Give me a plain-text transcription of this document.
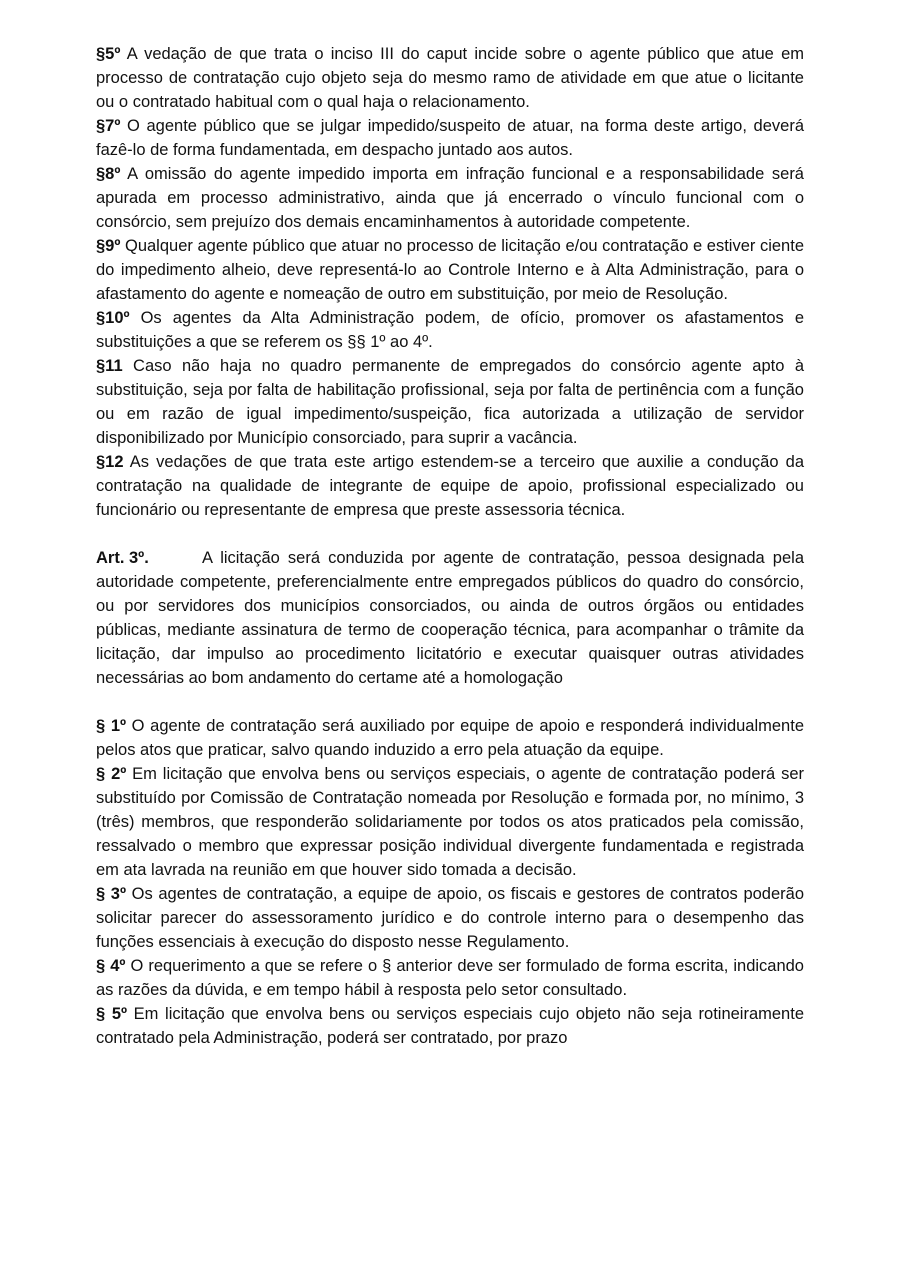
§5º A vedação de que trata o inciso III do caput incide sobre o agente público que atue em processo de contratação cujo objeto seja do mesmo ramo de atividade em que atue o licitante ou o contratado habitual com o qual haja o relacionamento.

§7º O agente público que se julgar impedido/suspeito de atuar, na forma deste artigo, deverá fazê-lo de forma fundamentada, em despacho juntado aos autos.

§8º A omissão do agente impedido importa em infração funcional e a responsabilidade será apurada em processo administrativo, ainda que já encerrado o vínculo funcional com o consórcio, sem prejuízo dos demais encaminhamentos à autoridade competente.

§9º Qualquer agente público que atuar no processo de licitação e/ou contratação e estiver ciente do impedimento alheio, deve representá-lo ao Controle Interno e à Alta Administração, para o afastamento do agente e nomeação de outro em substituição, por meio de Resolução.

§10º Os agentes da Alta Administração podem, de ofício, promover os afastamentos e substituições a que se referem os §§ 1º ao 4º.

§11 Caso não haja no quadro permanente de empregados do consórcio agente apto à substituição, seja por falta de habilitação profissional, seja por falta de pertinência com a função ou em razão de igual impedimento/suspeição, fica autorizada a utilização de servidor disponibilizado por Município consorciado, para suprir a vacância.

§12 As vedações de que trata este artigo estendem-se a terceiro que auxilie a condução da contratação na qualidade de integrante de equipe de apoio, profissional especializado ou funcionário ou representante de empresa que preste assessoria técnica.

Art. 3º.	A licitação será conduzida por agente de contratação, pessoa designada pela autoridade competente, preferencialmente entre empregados públicos do quadro do consórcio, ou por servidores dos municípios consorciados, ou ainda de outros órgãos ou entidades públicas, mediante assinatura de termo de cooperação técnica, para acompanhar o trâmite da licitação, dar impulso ao procedimento licitatório e executar quaisquer outras atividades necessárias ao bom andamento do certame até a homologação

§ 1º O agente de contratação será auxiliado por equipe de apoio e responderá individualmente pelos atos que praticar, salvo quando induzido a erro pela atuação da equipe.

§ 2º Em licitação que envolva bens ou serviços especiais, o agente de contratação poderá ser substituído por Comissão de Contratação nomeada por Resolução e formada por, no mínimo, 3 (três) membros, que responderão solidariamente por todos os atos praticados pela comissão, ressalvado o membro que expressar posição individual divergente fundamentada e registrada em ata lavrada na reunião em que houver sido tomada a decisão.

§ 3º Os agentes de contratação, a equipe de apoio, os fiscais e gestores de contratos poderão solicitar parecer do assessoramento jurídico e do controle interno para o desempenho das funções essenciais à execução do disposto nesse Regulamento.

§ 4º O requerimento a que se refere o § anterior deve ser formulado de forma escrita, indicando as razões da dúvida, e em tempo hábil à resposta pelo setor consultado.

§ 5º Em licitação que envolva bens ou serviços especiais cujo objeto não seja rotineiramente contratado pela Administração, poderá ser contratado, por prazo
